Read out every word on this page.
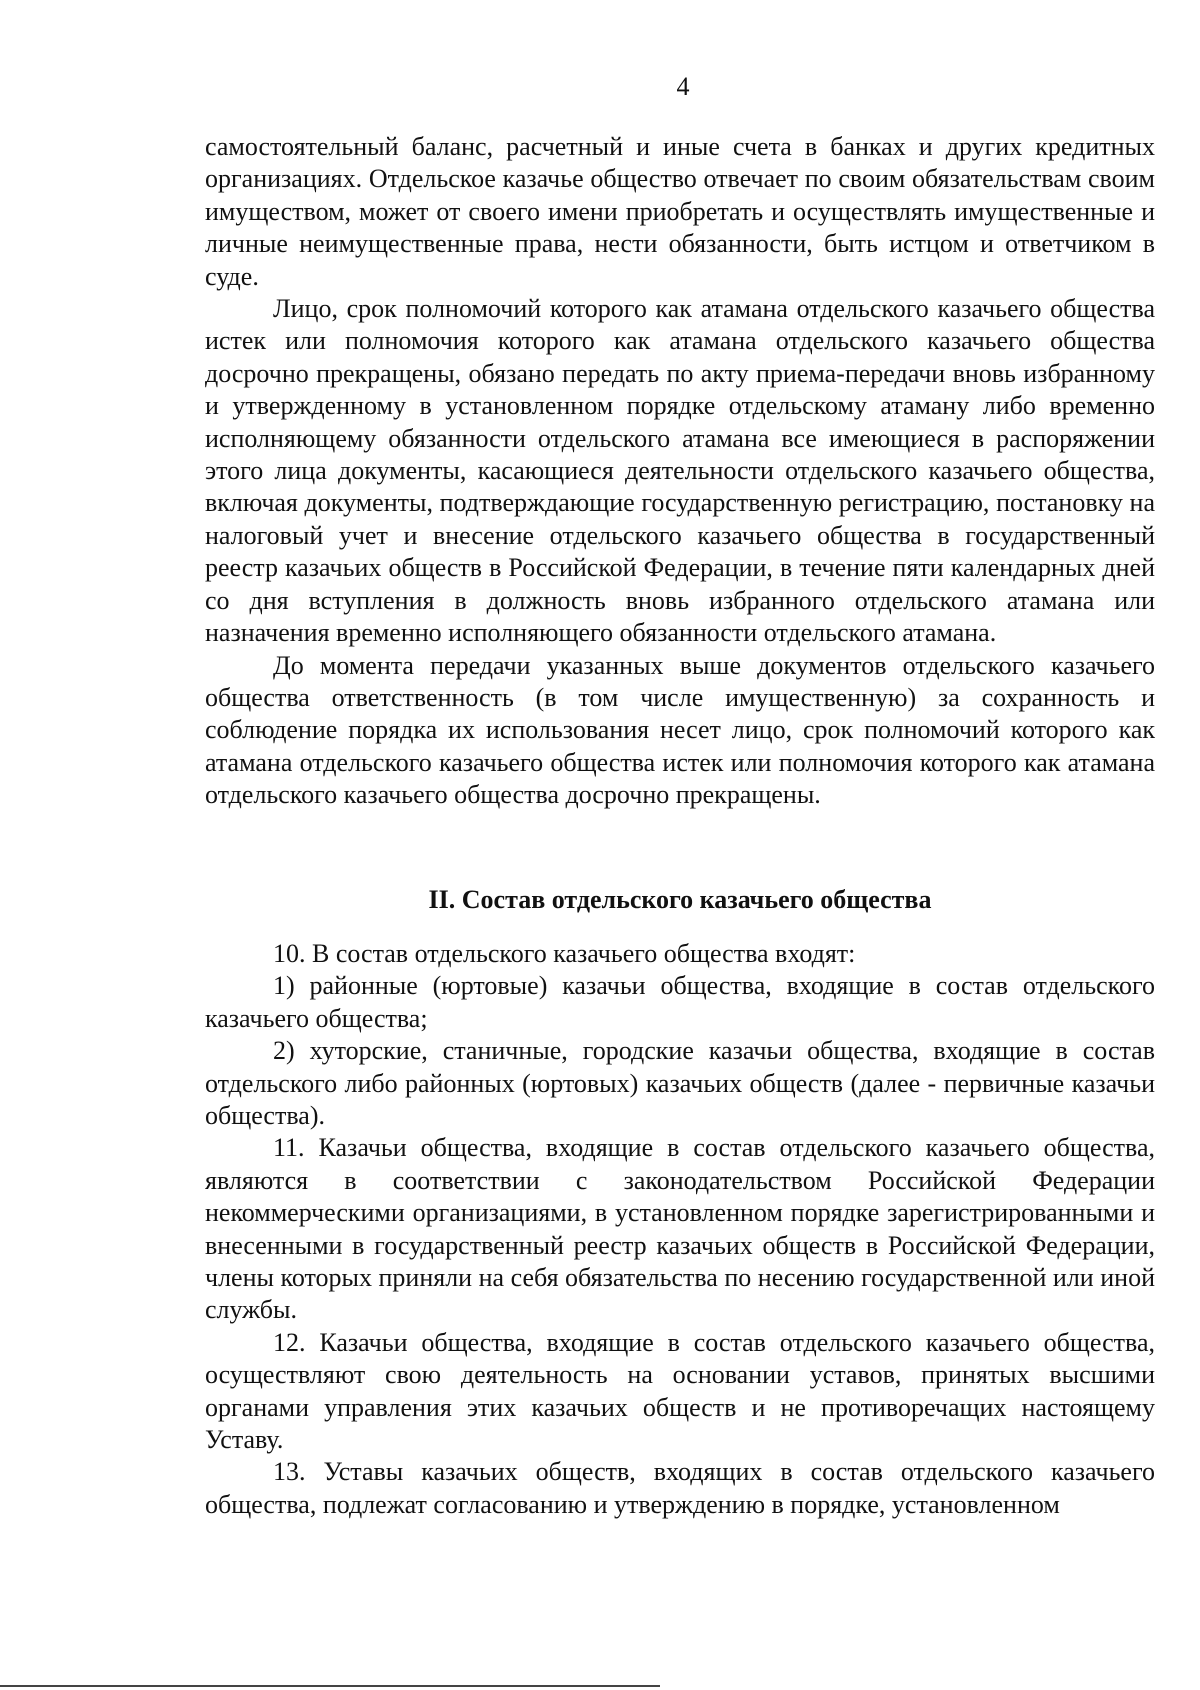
4

самостоятельный баланс, расчетный и иные счета в банках и других кредитных организациях. Отдельское казачье общество отвечает по своим обязательствам своим имуществом, может от своего имени приобретать и осуществлять имущественные и личные неимущественные права, нести обязанности, быть истцом и ответчиком в суде.

Лицо, срок полномочий которого как атамана отдельского казачьего общества истек или полномочия которого как атамана отдельского казачьего общества досрочно прекращены, обязано передать по акту приема-передачи вновь избранному и утвержденному в установленном порядке отдельскому атаману либо временно исполняющему обязанности отдельского атамана все имеющиеся в распоряжении этого лица документы, касающиеся деятельности отдельского казачьего общества, включая документы, подтверждающие государственную регистрацию, постановку на налоговый учет и внесение отдельского казачьего общества в государственный реестр казачьих обществ в Российской Федерации, в течение пяти календарных дней со дня вступления в должность вновь избранного отдельского атамана или назначения временно исполняющего обязанности отдельского атамана.

До момента передачи указанных выше документов отдельского казачьего общества ответственность (в том числе имущественную) за сохранность и соблюдение порядка их использования несет лицо, срок полномочий которого как атамана отдельского казачьего общества истек или полномочия которого как атамана отдельского казачьего общества досрочно прекращены.

II. Состав отдельского казачьего общества

10. В состав отдельского казачьего общества входят:

1) районные (юртовые) казачьи общества, входящие в состав отдельского казачьего общества;

2) хуторские, станичные, городские казачьи общества, входящие в состав отдельского либо районных (юртовых) казачьих обществ (далее - первичные казачьи общества).

11. Казачьи общества, входящие в состав отдельского казачьего общества, являются в соответствии с законодательством Российской Федерации некоммерческими организациями, в установленном порядке зарегистрированными и внесенными в государственный реестр казачьих обществ в Российской Федерации, члены которых приняли на себя обязательства по несению государственной или иной службы.

12. Казачьи общества, входящие в состав отдельского казачьего общества, осуществляют свою деятельность на основании уставов, принятых высшими органами управления этих казачьих обществ и не противоречащих настоящему Уставу.

13. Уставы казачьих обществ, входящих в состав отдельского казачьего общества, подлежат согласованию и утверждению в порядке, установленном
